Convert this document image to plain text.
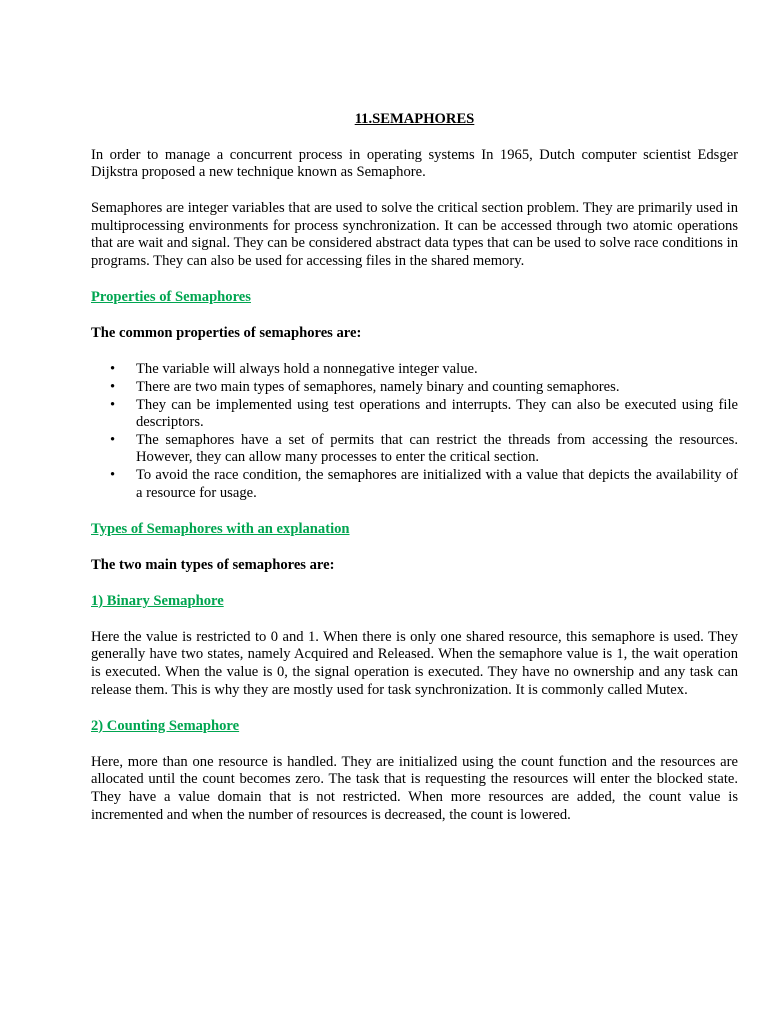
11.SEMAPHORES

In order to manage a concurrent process in operating systems In 1965, Dutch computer scientist Edsger Dijkstra proposed a new technique known as Semaphore.

Semaphores are integer variables that are used to solve the critical section problem. They are primarily used in multiprocessing environments for process synchronization. It can be accessed through two atomic operations that are wait and signal. They can be considered abstract data types that can be used to solve race conditions in programs. They can also be used for accessing files in the shared memory.

Properties of Semaphores
The common properties of semaphores are:
• The variable will always hold a nonnegative integer value.
• There are two main types of semaphores, namely binary and counting semaphores.
• They can be implemented using test operations and interrupts. They can also be executed using file descriptors.
• The semaphores have a set of permits that can restrict the threads from accessing the resources. However, they can allow many processes to enter the critical section.
• To avoid the race condition, the semaphores are initialized with a value that depicts the availability of a resource for usage.
Types of Semaphores with an explanation
The two main types of semaphores are:
1) Binary Semaphore

Here the value is restricted to 0 and 1. When there is only one shared resource, this semaphore is used. They generally have two states, namely Acquired and Released. When the semaphore value is 1, the wait operation is executed. When the value is 0, the signal operation is executed. They have no ownership and any task can release them. This is why they are mostly used for task synchronization. It is commonly called Mutex.

2) Counting Semaphore

Here, more than one resource is handled. They are initialized using the count function and the resources are allocated until the count becomes zero. The task that is requesting the resources will enter the blocked state. They have a value domain that is not restricted. When more resources are added, the count value is incremented and when the number of resources is decreased, the count is lowered.
